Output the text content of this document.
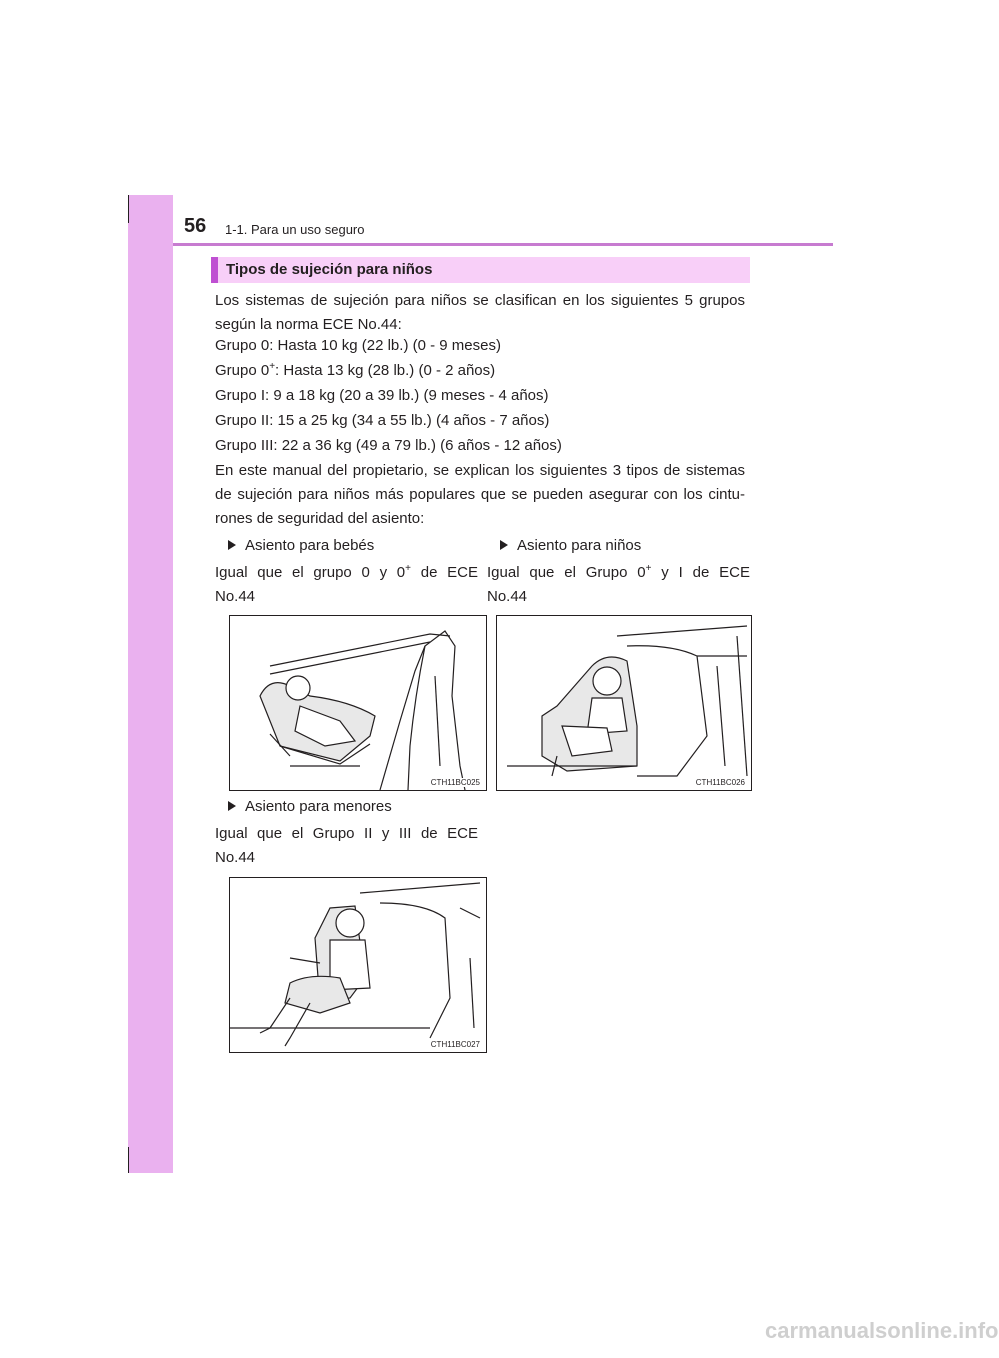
56 1-1. Para un uso seguro
Tipos de sujeción para niños
Los sistemas de sujeción para niños se clasifican en los siguientes 5 grupos según la norma ECE No.44:
Grupo 0: Hasta 10 kg (22 lb.) (0 - 9 meses)
Grupo 0+: Hasta 13 kg (28 lb.) (0 - 2 años)
Grupo I: 9 a 18 kg (20 a 39 lb.) (9 meses - 4 años)
Grupo II: 15 a 25 kg (34 a 55 lb.) (4 años - 7 años)
Grupo III: 22 a 36 kg (49 a 79 lb.) (6 años - 12 años)
En este manual del propietario, se explican los siguientes 3 tipos de sistemas de sujeción para niños más populares que se pueden asegurar con los cintu-rones de seguridad del asiento:
Asiento para bebés
Igual que el grupo 0 y 0+ de ECE
No.44
Asiento para niños
Igual que el Grupo 0+ y I de ECE
No.44
CTH11BC025	CTH11BC026
Asiento para menores
Igual que el Grupo II y III de ECE
No.44
CTH11BC027
carmanualsonline.info
